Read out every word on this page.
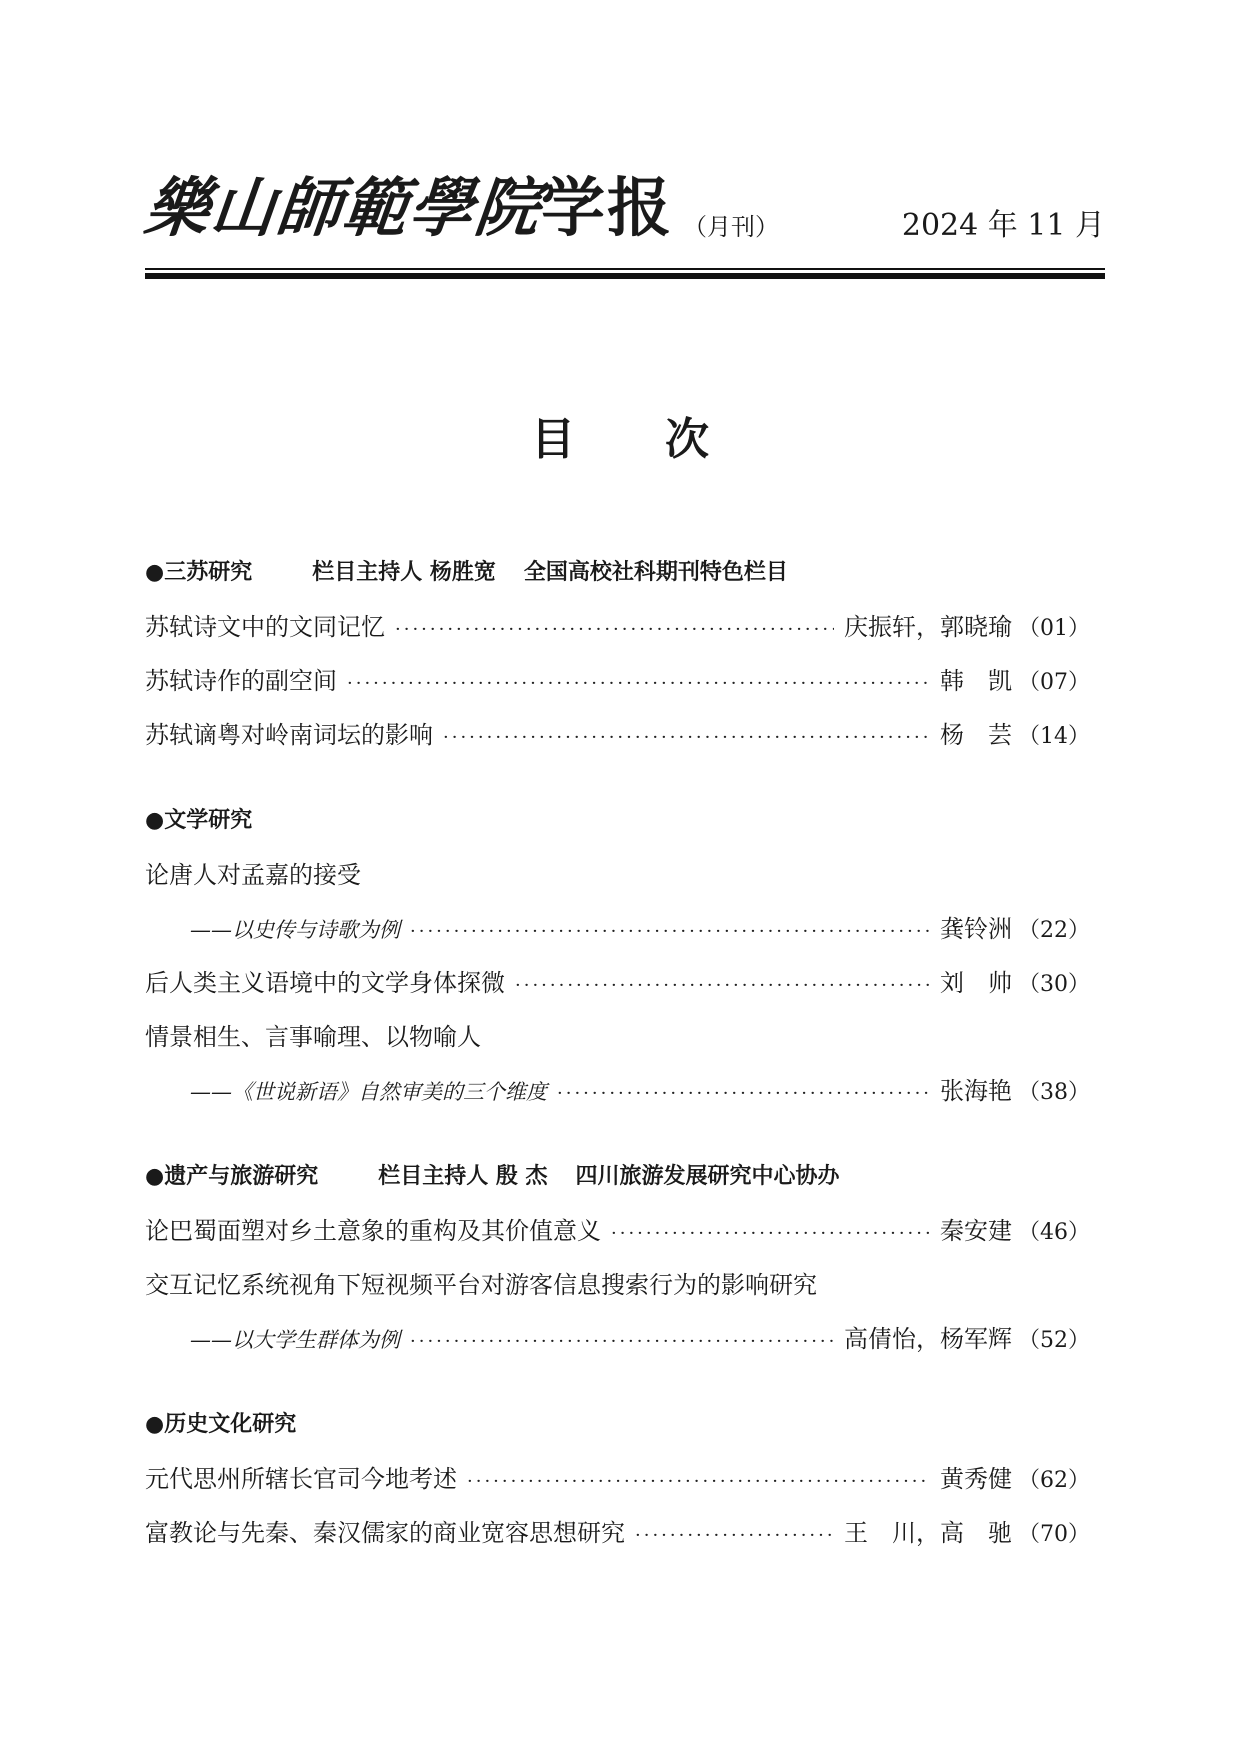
樂山師範學院学报 （月刊）	2024 年 11 月
目次
●三苏研究	栏目主持人 杨胜宽 全国高校社科期刊特色栏目
苏轼诗文中的文同记忆 ·····	庆振轩，郭晓瑜 （01）
苏轼诗作的副空间 ·····	韩　凯 （07）
苏轼谪粤对岭南词坛的影响 ·····	杨　芸 （14）
●文学研究
论唐人对孟嘉的接受
——以史传与诗歌为例 ·····	龚铃洲 （22）
后人类主义语境中的文学身体探微 ·····	刘　帅 （30）
情景相生、言事喻理、以物喻人
——《世说新语》自然审美的三个维度 ·····	张海艳 （38）
●遗产与旅游研究	栏目主持人 殷 杰 四川旅游发展研究中心协办
论巴蜀面塑对乡土意象的重构及其价值意义 ·····	秦安建 （46）
交互记忆系统视角下短视频平台对游客信息搜索行为的影响研究
——以大学生群体为例 ·····	高倩怡，杨军辉 （52）
●历史文化研究
元代思州所辖长官司今地考述 ·····	黄秀健 （62）
富教论与先秦、秦汉儒家的商业宽容思想研究 ·····	王　川，高　驰 （70）
